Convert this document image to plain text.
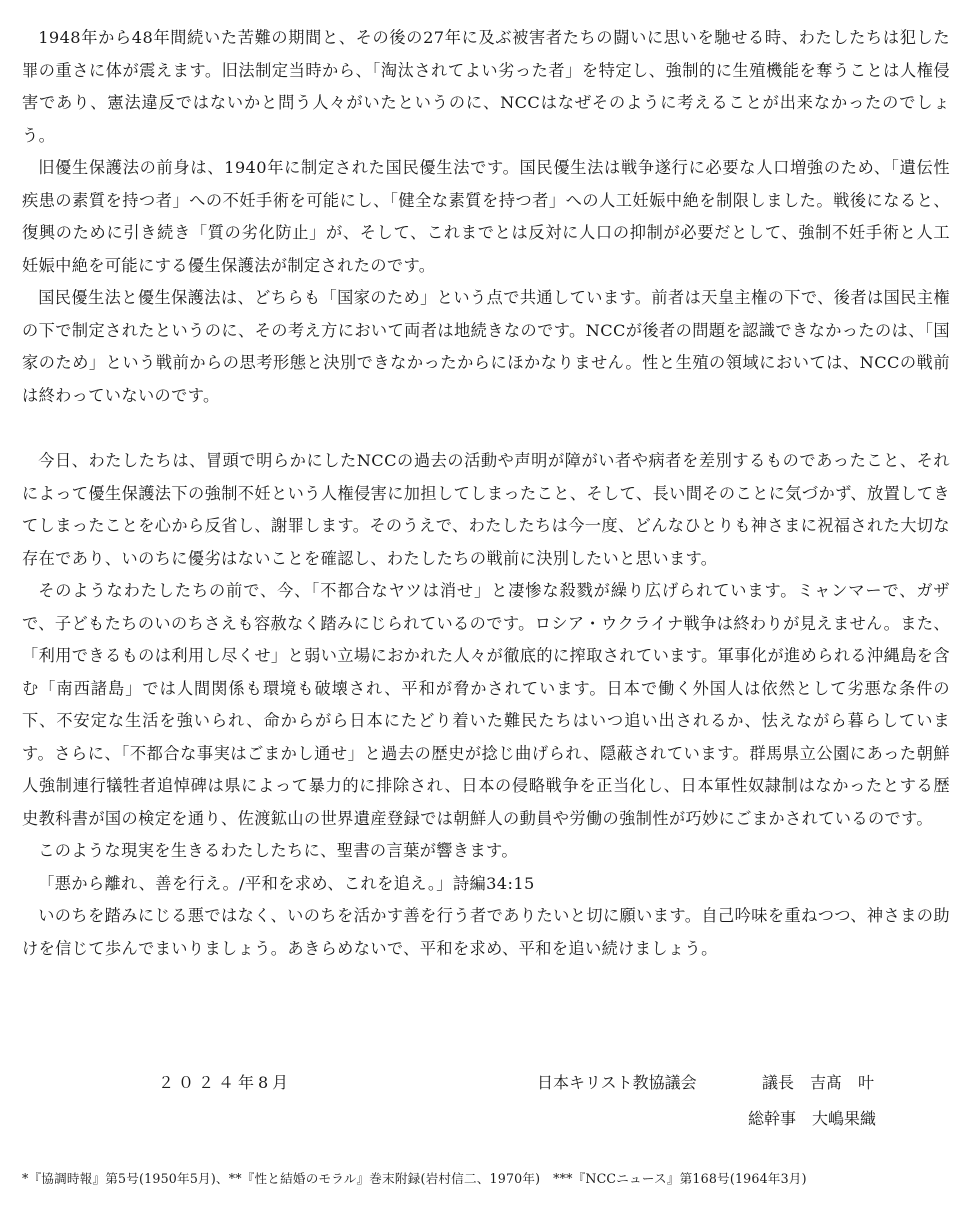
1948年から48年間続いた苦難の期間と、その後の27年に及ぶ被害者たちの闘いに思いを馳せる時、わたしたちは犯した罪の重さに体が震えます。旧法制定当時から、「淘汰されてよい劣った者」を特定し、強制的に生殖機能を奪うことは人権侵害であり、憲法違反ではないかと問う人々がいたというのに、NCCはなぜそのように考えることが出来なかったのでしょう。

旧優生保護法の前身は、1940年に制定された国民優生法です。国民優生法は戦争遂行に必要な人口増強のため、「遺伝性疾患の素質を持つ者」への不妊手術を可能にし、「健全な素質を持つ者」への人工妊娠中絶を制限しました。戦後になると、復興のために引き続き「質の劣化防止」が、そして、これまでとは反対に人口の抑制が必要だとして、強制不妊手術と人工妊娠中絶を可能にする優生保護法が制定されたのです。

国民優生法と優生保護法は、どちらも「国家のため」という点で共通しています。前者は天皇主権の下で、後者は国民主権の下で制定されたというのに、その考え方において両者は地続きなのです。NCCが後者の問題を認識できなかったのは、「国家のため」という戦前からの思考形態と決別できなかったからにほかなりません。性と生殖の領域においては、NCCの戦前は終わっていないのです。

今日、わたしたちは、冒頭で明らかにしたNCCの過去の活動や声明が障がい者や病者を差別するものであったこと、それによって優生保護法下の強制不妊という人権侵害に加担してしまったこと、そして、長い間そのことに気づかず、放置してきてしまったことを心から反省し、謝罪します。そのうえで、わたしたちは今一度、どんなひとりも神さまに祝福された大切な存在であり、いのちに優劣はないことを確認し、わたしたちの戦前に決別したいと思います。

そのようなわたしたちの前で、今、「不都合なヤツは消せ」と凄惨な殺戮が繰り広げられています。ミャンマーで、ガザで、子どもたちのいのちさえも容赦なく踏みにじられているのです。ロシア・ウクライナ戦争は終わりが見えません。また、「利用できるものは利用し尽くせ」と弱い立場におかれた人々が徹底的に搾取されています。軍事化が進められる沖縄島を含む「南西諸島」では人間関係も環境も破壊され、平和が脅かされています。日本で働く外国人は依然として劣悪な条件の下、不安定な生活を強いられ、命からがら日本にたどり着いた難民たちはいつ追い出されるか、怯えながら暮らしています。さらに、「不都合な事実はごまかし通せ」と過去の歴史が捻じ曲げられ、隠蔽されています。群馬県立公園にあった朝鮮人強制連行犠牲者追悼碑は県によって暴力的に排除され、日本の侵略戦争を正当化し、日本軍性奴隷制はなかったとする歴史教科書が国の検定を通り、佐渡鉱山の世界遺産登録では朝鮮人の動員や労働の強制性が巧妙にごまかされているのです。

このような現実を生きるわたしたちに、聖書の言葉が響きます。

「悪から離れ、善を行え。/平和を求め、これを追え。」詩編34:15

いのちを踏みにじる悪ではなく、いのちを活かす善を行う者でありたいと切に願います。自己吟味を重ねつつ、神さまの助けを信じて歩んでまいりましょう。あきらめないで、平和を求め、平和を追い続けましょう。

２０２４年8月	日本キリスト教協議会	議長　吉髙　叶
総幹事　大嶋果織
*『協調時報』第5号(1950年5月)、**『性と結婚のモラル』巻末附録(岩村信二、1970年)　***『NCCニュース』第168号(1964年3月)
